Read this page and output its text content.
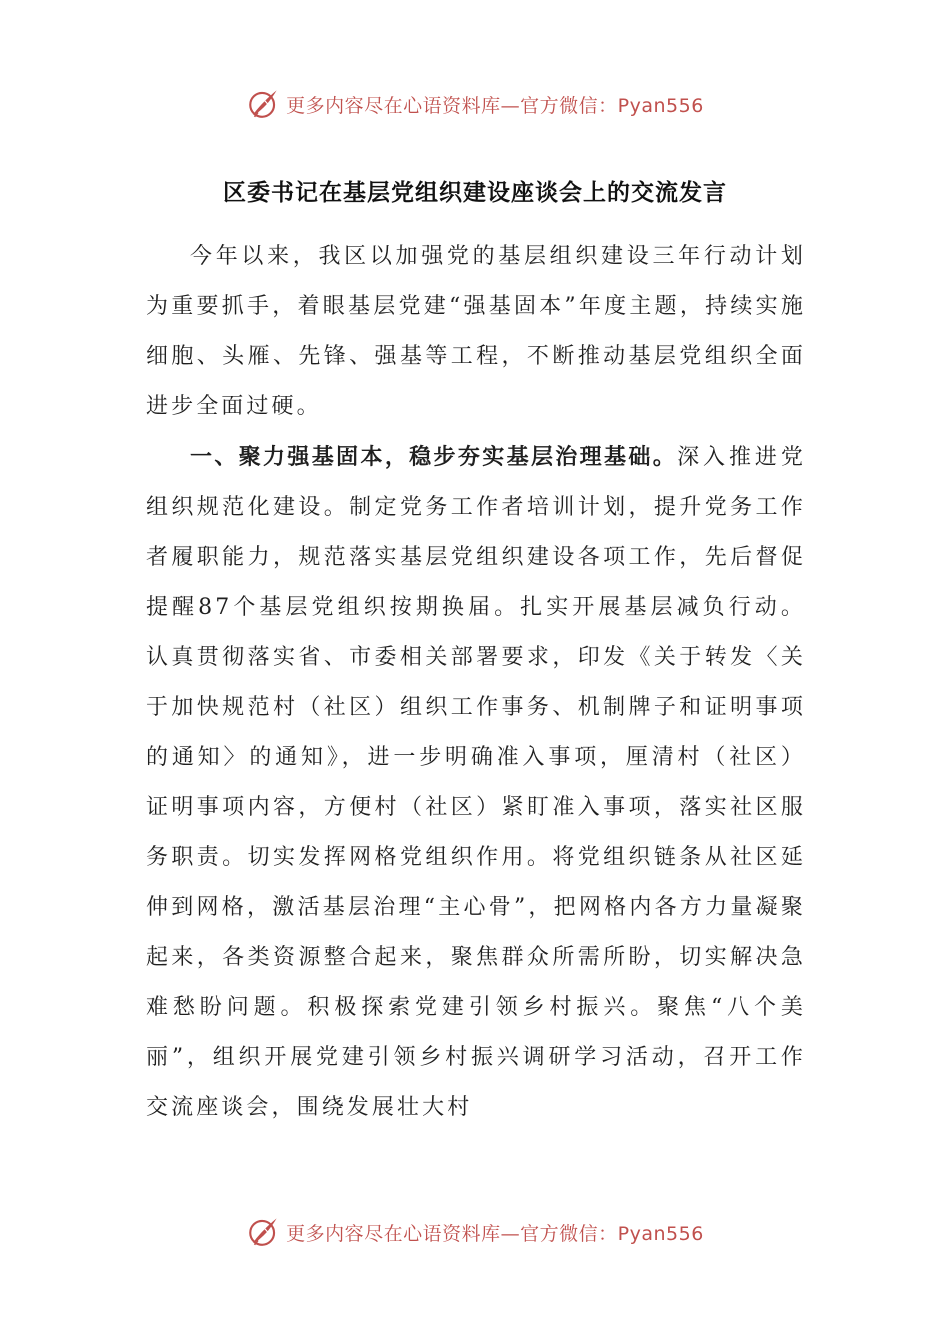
更多内容尽在心语资料库—官方微信：Pyan556
区委书记在基层党组织建设座谈会上的交流发言

今年以来，我区以加强党的基层组织建设三年行动计划为重要抓手，着眼基层党建“强基固本”年度主题，持续实施细胞、头雁、先锋、强基等工程，不断推动基层党组织全面进步全面过硬。

一、聚力强基固本，稳步夯实基层治理基础。深入推进党组织规范化建设。制定党务工作者培训计划，提升党务工作者履职能力，规范落实基层党组织建设各项工作，先后督促提醒87个基层党组织按期换届。扎实开展基层减负行动。认真贯彻落实省、市委相关部署要求，印发《关于转发〈关于加快规范村（社区）组织工作事务、机制牌子和证明事项的通知〉的通知》，进一步明确准入事项，厘清村（社区）证明事项内容，方便村（社区）紧盯准入事项，落实社区服务职责。切实发挥网格党组织作用。将党组织链条从社区延伸到网格，激活基层治理“主心骨”，把网格内各方力量凝聚起来，各类资源整合起来，聚焦群众所需所盼，切实解决急难愁盼问题。积极探索党建引领乡村振兴。聚焦“八个美丽”，组织开展党建引领乡村振兴调研学习活动，召开工作交流座谈会，围绕发展壮大村

更多内容尽在心语资料库—官方微信：Pyan556
